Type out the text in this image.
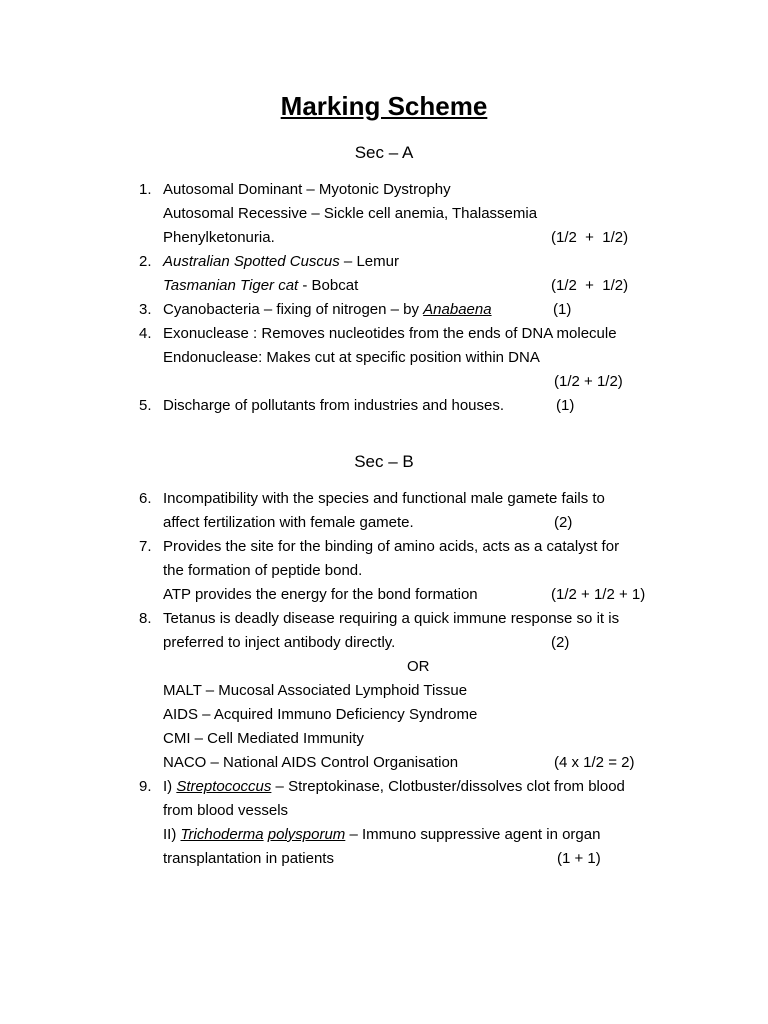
Marking Scheme
Sec – A
1. Autosomal Dominant – Myotonic Dystrophy
Autosomal Recessive – Sickle cell anemia, Thalassemia
Phenylketonuria.	(1/2  +  1/2)
2. Australian Spotted Cuscus – Lemur
Tasmanian Tiger cat - Bobcat	(1/2  +  1/2)
3. Cyanobacteria – fixing of nitrogen – by Anabaena	(1)
4. Exonuclease : Removes nucleotides from the ends of DNA molecule
Endonuclease: Makes cut at specific position within DNA
(1/2 + 1/2)
5. Discharge of pollutants from industries and houses.	(1)
Sec – B
6. Incompatibility with the species and functional male gamete fails to
affect fertilization with female gamete.	(2)
7. Provides the site for the binding of amino acids, acts as a catalyst for
the formation of peptide bond.
ATP provides the energy for the bond formation	(1/2 + 1/2 + 1)
8. Tetanus is deadly disease requiring a quick immune response so it is
preferred to inject antibody directly.	(2)
OR
MALT – Mucosal Associated Lymphoid Tissue
AIDS – Acquired Immuno Deficiency Syndrome
CMI – Cell Mediated Immunity
NACO – National AIDS Control Organisation	(4 x 1/2 = 2)
9. I) Streptococcus – Streptokinase, Clotbuster/dissolves clot from blood
from blood vessels
II) Trichoderma polysporum – Immuno suppressive agent in organ
transplantation in patients	(1 + 1)
